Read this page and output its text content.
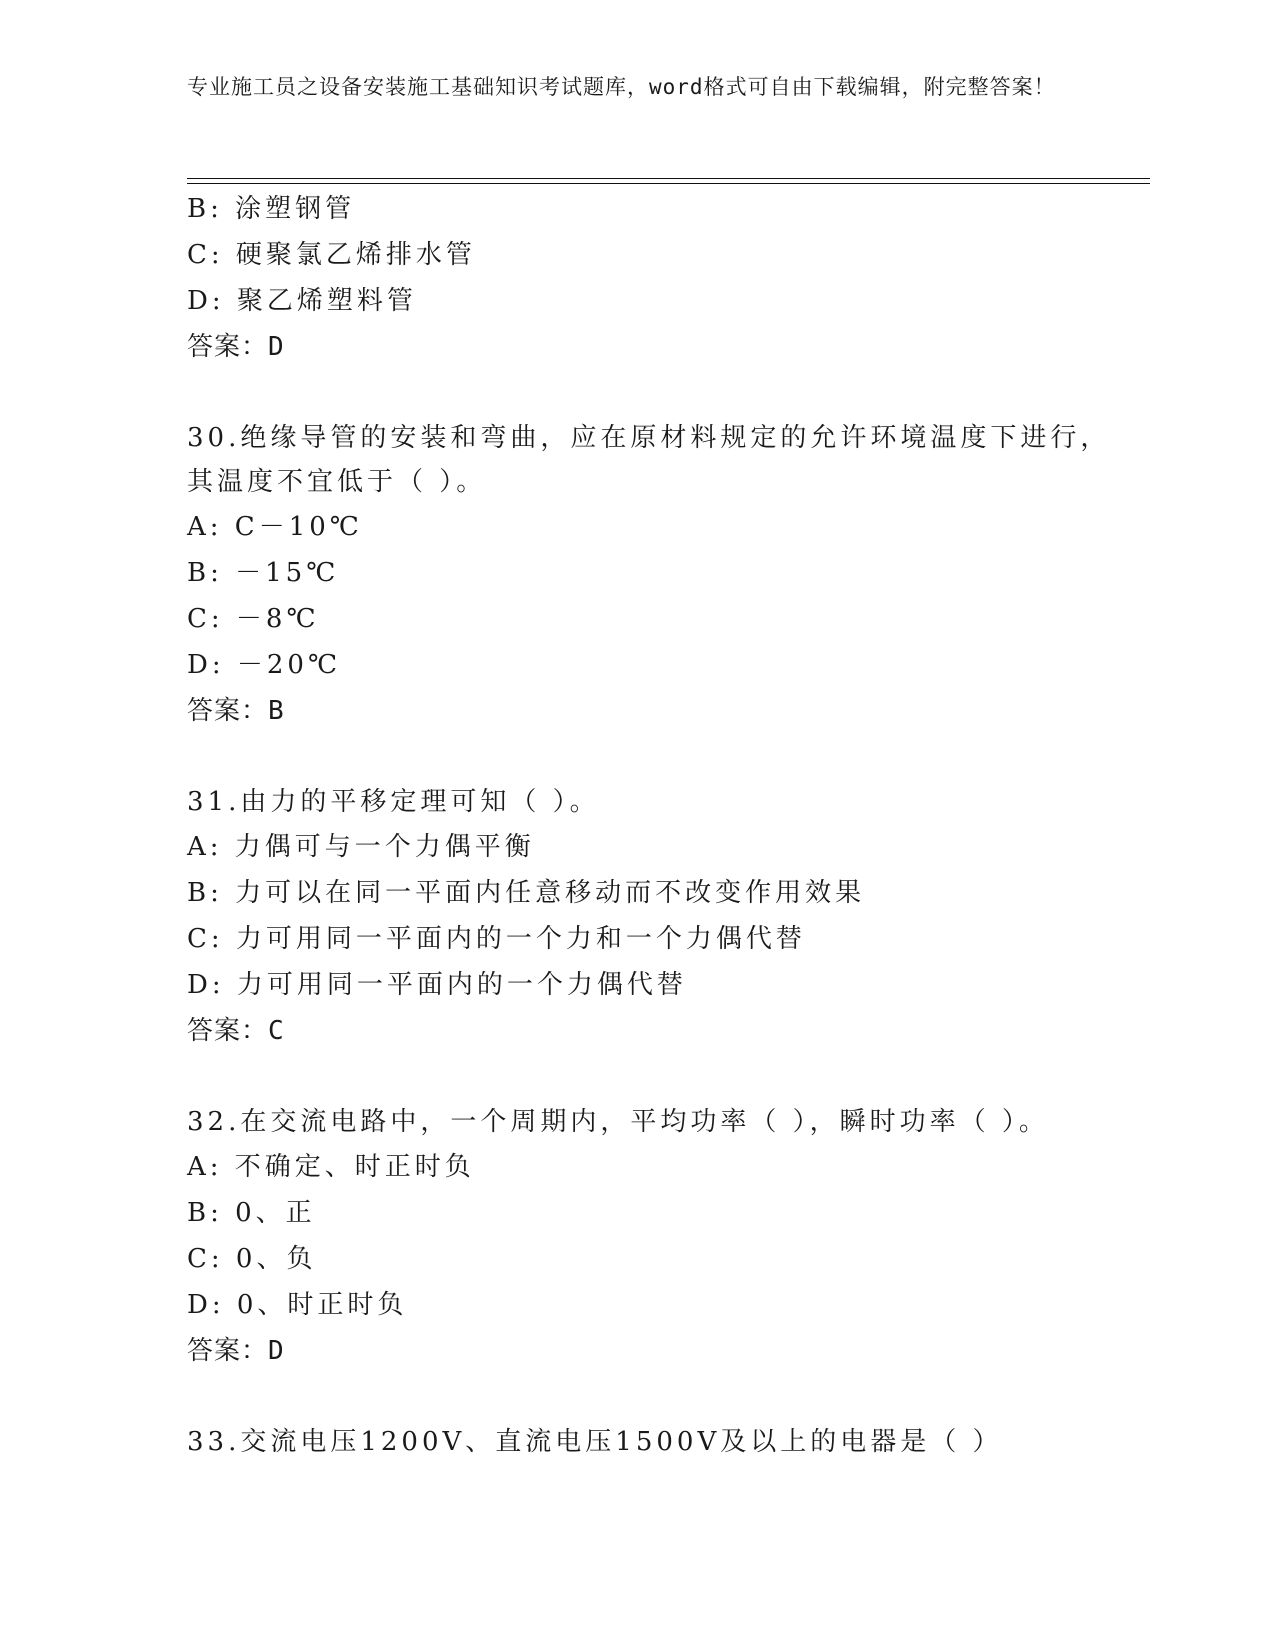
专业施工员之设备安装施工基础知识考试题库，word格式可自由下载编辑，附完整答案！
B: 涂塑钢管
C: 硬聚氯乙烯排水管
D: 聚乙烯塑料管
答案：D
30.绝缘导管的安装和弯曲，应在原材料规定的允许环境温度下进行，
其温度不宜低于（ ）。
A: C－10℃
B: －15℃
C: －8℃
D: －20℃
答案：B
31.由力的平移定理可知（ ）。
A: 力偶可与一个力偶平衡
B: 力可以在同一平面内任意移动而不改变作用效果
C: 力可用同一平面内的一个力和一个力偶代替
D: 力可用同一平面内的一个力偶代替
答案：C
32.在交流电路中，一个周期内，平均功率（ ），瞬时功率（ ）。
A: 不确定、时正时负
B: 0、正
C: 0、负
D: 0、时正时负
答案：D
33.交流电压1200V、直流电压1500V及以上的电器是（ ）
